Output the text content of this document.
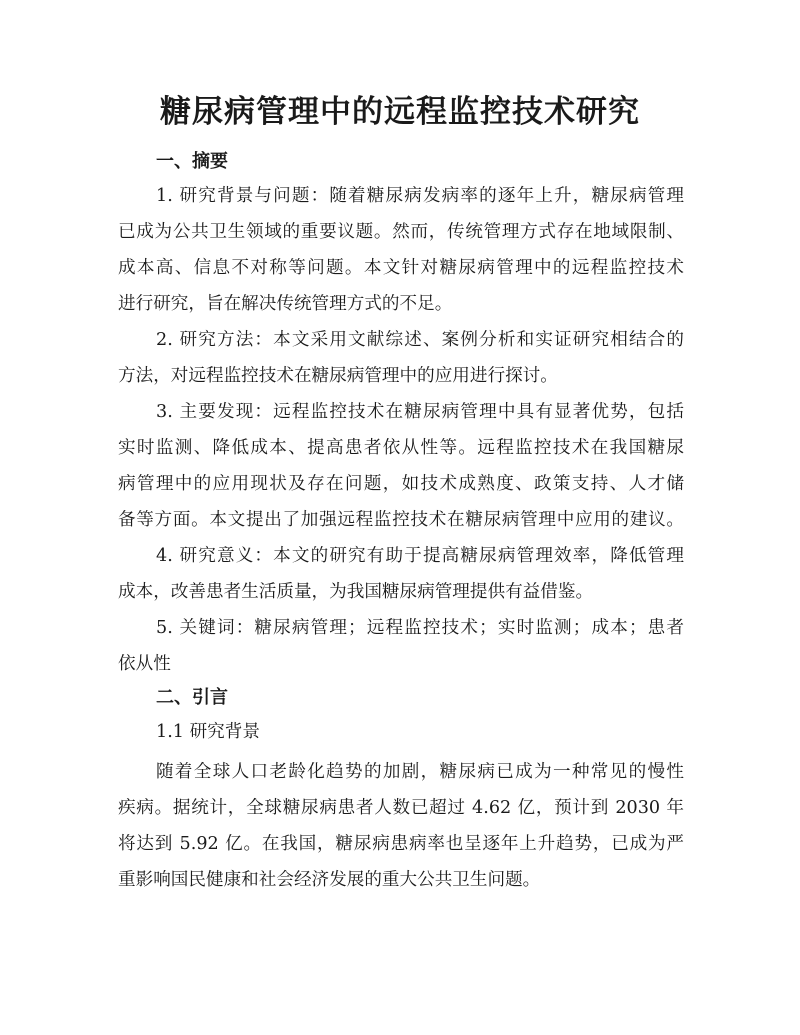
糖尿病管理中的远程监控技术研究
一、摘要
1. 研究背景与问题：随着糖尿病发病率的逐年上升，糖尿病管理
已成为公共卫生领域的重要议题。然而，传统管理方式存在地域限制、
成本高、信息不对称等问题。本文针对糖尿病管理中的远程监控技术
进行研究，旨在解决传统管理方式的不足。
2. 研究方法：本文采用文献综述、案例分析和实证研究相结合的
方法，对远程监控技术在糖尿病管理中的应用进行探讨。
3. 主要发现：远程监控技术在糖尿病管理中具有显著优势，包括
实时监测、降低成本、提高患者依从性等。远程监控技术在我国糖尿
病管理中的应用现状及存在问题，如技术成熟度、政策支持、人才储
备等方面。本文提出了加强远程监控技术在糖尿病管理中应用的建议。
4. 研究意义：本文的研究有助于提高糖尿病管理效率，降低管理
成本，改善患者生活质量，为我国糖尿病管理提供有益借鉴。
5. 关键词：糖尿病管理；远程监控技术；实时监测；成本；患者
依从性
二、引言
1.1 研究背景
随着全球人口老龄化趋势的加剧，糖尿病已成为一种常见的慢性
疾病。据统计，全球糖尿病患者人数已超过 4.62 亿，预计到 2030 年
将达到 5.92 亿。在我国，糖尿病患病率也呈逐年上升趋势，已成为严
重影响国民健康和社会经济发展的重大公共卫生问题。
